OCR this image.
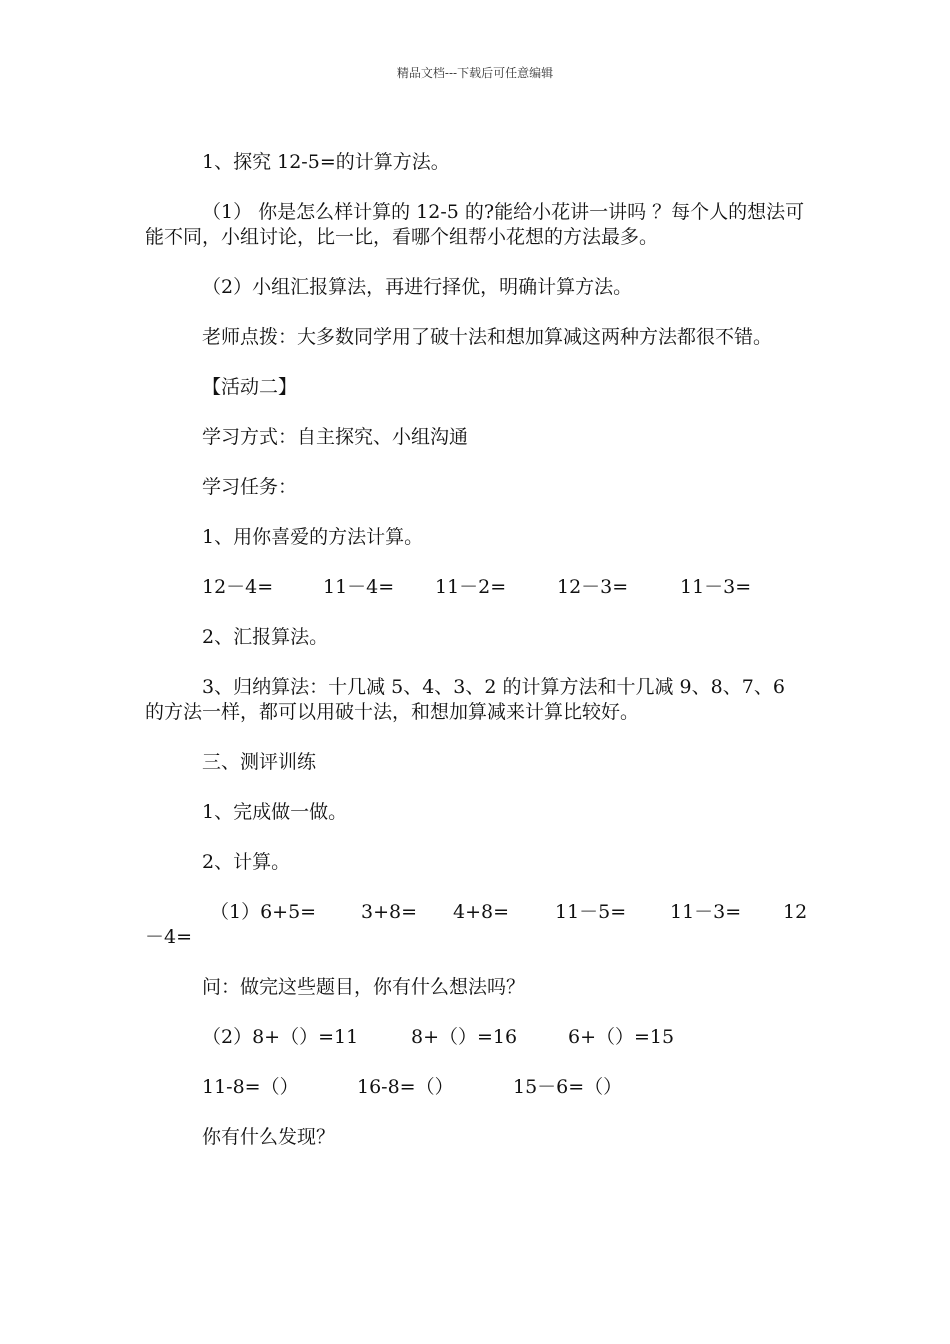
精品文档---下载后可任意编辑

1、探究 12-5=的计算方法。

（1） 你是怎么样计算的 12-5 的?能给小花讲一讲吗 ？每个人的想法可能不同，小组讨论，比一比，看哪个组帮小花想的方法最多。

（2）小组汇报算法，再进行择优，明确计算方法。

老师点拨：大多数同学用了破十法和想加算减这两种方法都很不错。

【活动二】

学习方式：自主探究、小组沟通

学习任务：

1、用你喜爱的方法计算。

12－4=	11－4= 11－2=	12－3=	11－3=

2、汇报算法。

3、归纳算法：十几减 5、4、3、2 的计算方法和十几减 9、8、7、6 的方法一样，都可以用破十法，和想加算减来计算比较好。

三、测评训练

1、完成做一做。

2、计算。

（1）6+5= 3+8= 4+8= 11－5= 11－3= 12
－4=

问：做完这些题目，你有什么想法吗？

（2）8+（）=11	8+（）=16	6+（）=15
11-8=（）	16-8=（）	15－6=（）

你有什么发现？
